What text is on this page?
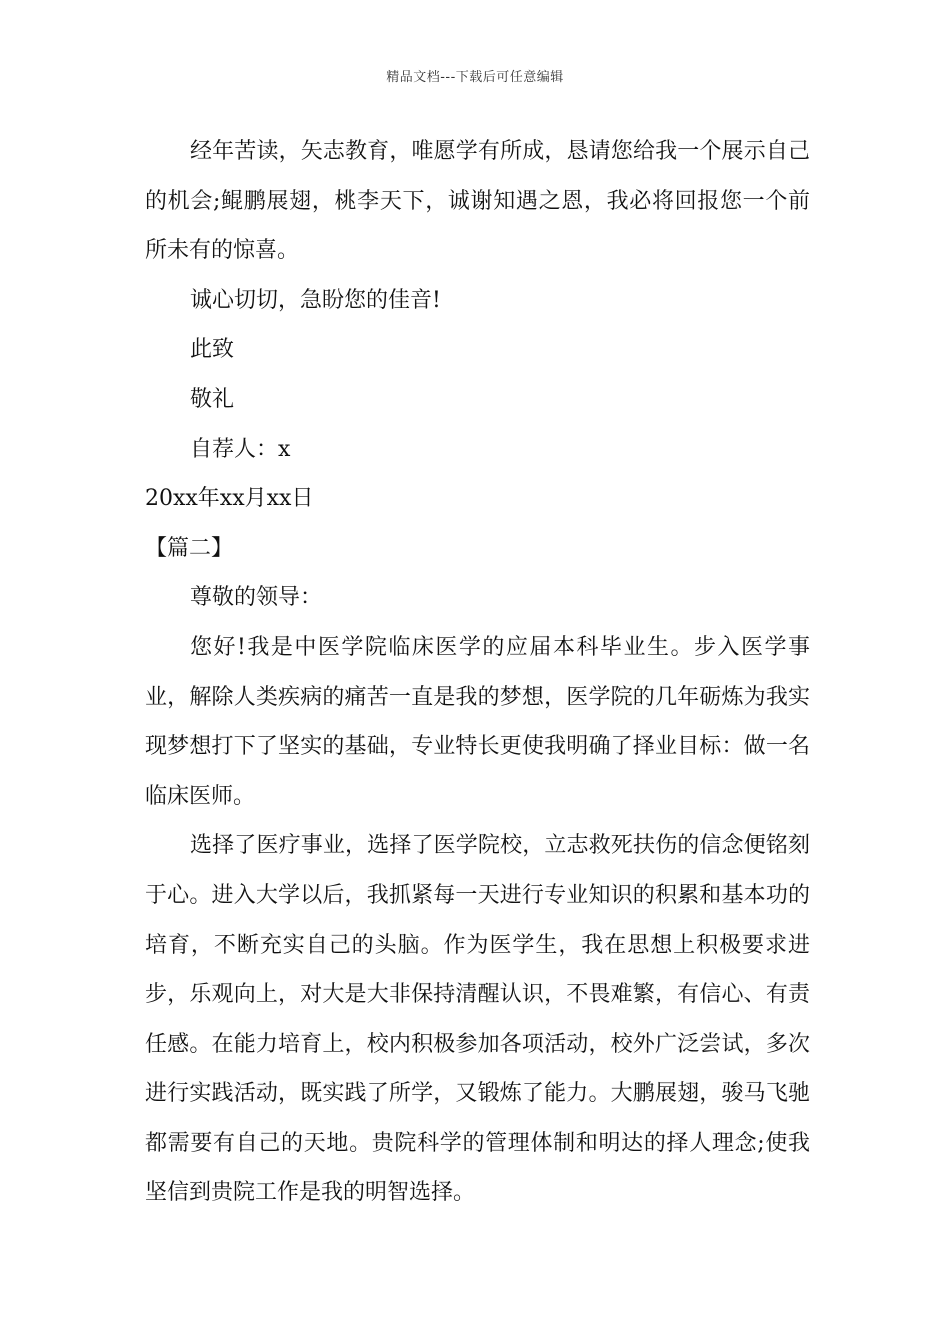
精品文档---下载后可任意编辑

经年苦读，矢志教育，唯愿学有所成，恳请您给我一个展示自己的机会;鲲鹏展翅，桃李天下，诚谢知遇之恩，我必将回报您一个前所未有的惊喜。

诚心切切，急盼您的佳音!

此致

敬礼

自荐人：x

20xx年xx月xx日

【篇二】

尊敬的领导：

您好!我是中医学院临床医学的应届本科毕业生。步入医学事业，解除人类疾病的痛苦一直是我的梦想，医学院的几年砺炼为我实现梦想打下了坚实的基础，专业特长更使我明确了择业目标：做一名临床医师。

选择了医疗事业，选择了医学院校，立志救死扶伤的信念便铭刻于心。进入大学以后，我抓紧每一天进行专业知识的积累和基本功的培育，不断充实自己的头脑。作为医学生，我在思想上积极要求进步，乐观向上，对大是大非保持清醒认识，不畏难繁，有信心、有责任感。在能力培育上，校内积极参加各项活动，校外广泛尝试，多次进行实践活动，既实践了所学，又锻炼了能力。大鹏展翅，骏马飞驰都需要有自己的天地。贵院科学的管理体制和明达的择人理念;使我坚信到贵院工作是我的明智选择。
